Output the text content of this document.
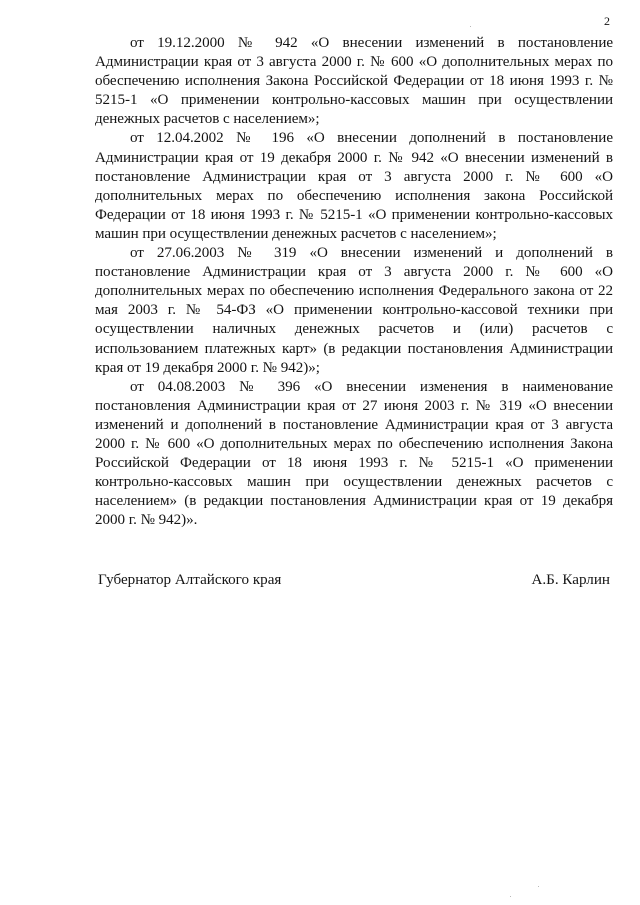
2

от 19.12.2000 № 942 «О внесении изменений в постановление Администрации края от 3 августа 2000 г. № 600 «О дополнительных мерах по обеспечению исполнения Закона Российской Федерации от 18 июня 1993 г. № 5215-1 «О применении контрольно-кассовых машин при осуществлении денежных расчетов с населением»;

от 12.04.2002 № 196 «О внесении дополнений в постановление Администрации края от 19 декабря 2000 г. № 942 «О внесении изменений в постановление Администрации края от 3 августа 2000 г. № 600 «О дополнительных мерах по обеспечению исполнения закона Российской Федерации от 18 июня 1993 г. № 5215-1 «О применении контрольно-кассовых машин при осуществлении денежных расчетов с населением»;

от 27.06.2003 № 319 «О внесении изменений и дополнений в постановление Администрации края от 3 августа 2000 г. № 600 «О дополнительных мерах по обеспечению исполнения Федерального закона от 22 мая 2003 г. № 54-ФЗ «О применении контрольно-кассовой техники при осуществлении наличных денежных расчетов и (или) расчетов с использованием платежных карт» (в редакции постановления Администрации края от 19 декабря 2000 г. № 942)»;

от 04.08.2003 № 396 «О внесении изменения в наименование постановления Администрации края от 27 июня 2003 г. № 319 «О внесении изменений и дополнений в постановление Администрации края от 3 августа 2000 г. № 600 «О дополнительных мерах по обеспечению исполнения Закона Российской Федерации от 18 июня 1993 г. № 5215-1 «О применении контрольно-кассовых машин при осуществлении денежных расчетов с населением» (в редакции постановления Администрации края от 19 декабря 2000 г. № 942)».

Губернатор Алтайского края	А.Б. Карлин
